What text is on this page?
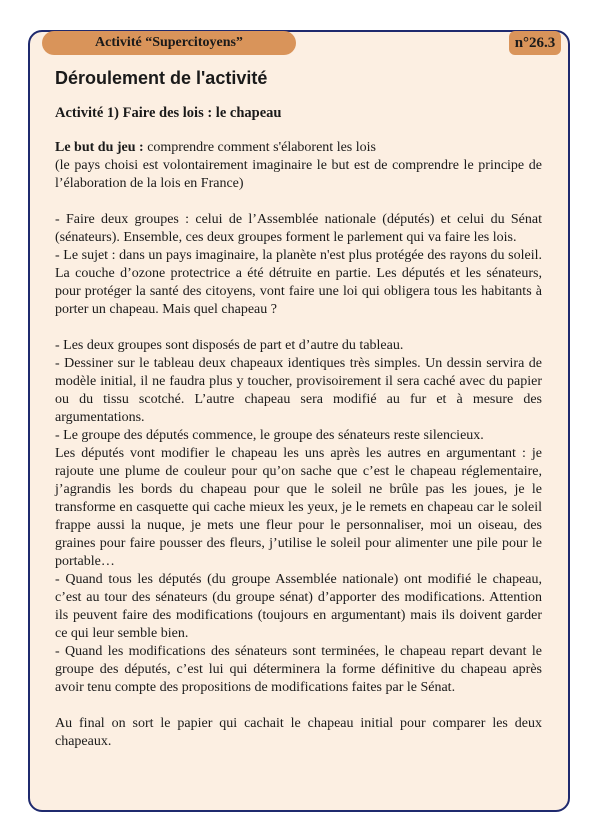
Activité “Supercitoyens”	n°26.3
Déroulement de l'activité
Activité 1) Faire des lois : le chapeau

Le but du jeu : comprendre comment s'élaborent les lois

(le pays choisi est volontairement imaginaire le but est de comprendre le principe de l’élaboration de la lois en France)

- Faire deux groupes : celui de l’Assemblée nationale (députés) et celui du Sénat (sénateurs). Ensemble, ces deux groupes forment le parlement qui va faire les lois.

- Le sujet : dans un pays imaginaire, la planète n'est plus protégée des rayons du soleil. La couche d’ozone protectrice a été détruite en partie. Les députés et les sénateurs, pour protéger la santé des citoyens, vont faire une loi qui obligera tous les habitants à porter un chapeau. Mais quel chapeau ?

- Les deux groupes sont disposés de part et d’autre du tableau.

- Dessiner sur le tableau deux chapeaux identiques très simples. Un dessin servira de modèle initial, il ne faudra plus y toucher, provisoirement il sera caché avec du papier ou du tissu scotché. L’autre chapeau sera modifié au fur et à mesure des argumentations.

- Le groupe des députés commence, le groupe des sénateurs reste silencieux.

Les députés vont modifier le chapeau les uns après les autres en argumentant : je rajoute une plume de couleur pour qu’on sache que c’est le chapeau réglementaire, j’agrandis les bords du chapeau pour que le soleil ne brûle pas les joues, je le transforme en casquette qui cache mieux les yeux, je le remets en chapeau car le soleil frappe aussi la nuque, je mets une fleur pour le personnaliser, moi un oiseau, des graines pour faire pousser des fleurs, j’utilise le soleil pour alimenter une pile pour le portable…

- Quand tous les députés (du groupe Assemblée nationale) ont modifié le chapeau, c’est au tour des sénateurs (du groupe sénat) d’apporter des modifications. Attention ils peuvent faire des modifications (toujours en argumentant) mais ils doivent garder ce qui leur semble bien.

- Quand les modifications des sénateurs sont terminées, le chapeau repart devant le groupe des députés, c’est lui qui déterminera la forme définitive du chapeau après avoir tenu compte des propositions de modifications faites par le Sénat.

Au final on sort le papier qui cachait le chapeau initial pour comparer les deux chapeaux.
